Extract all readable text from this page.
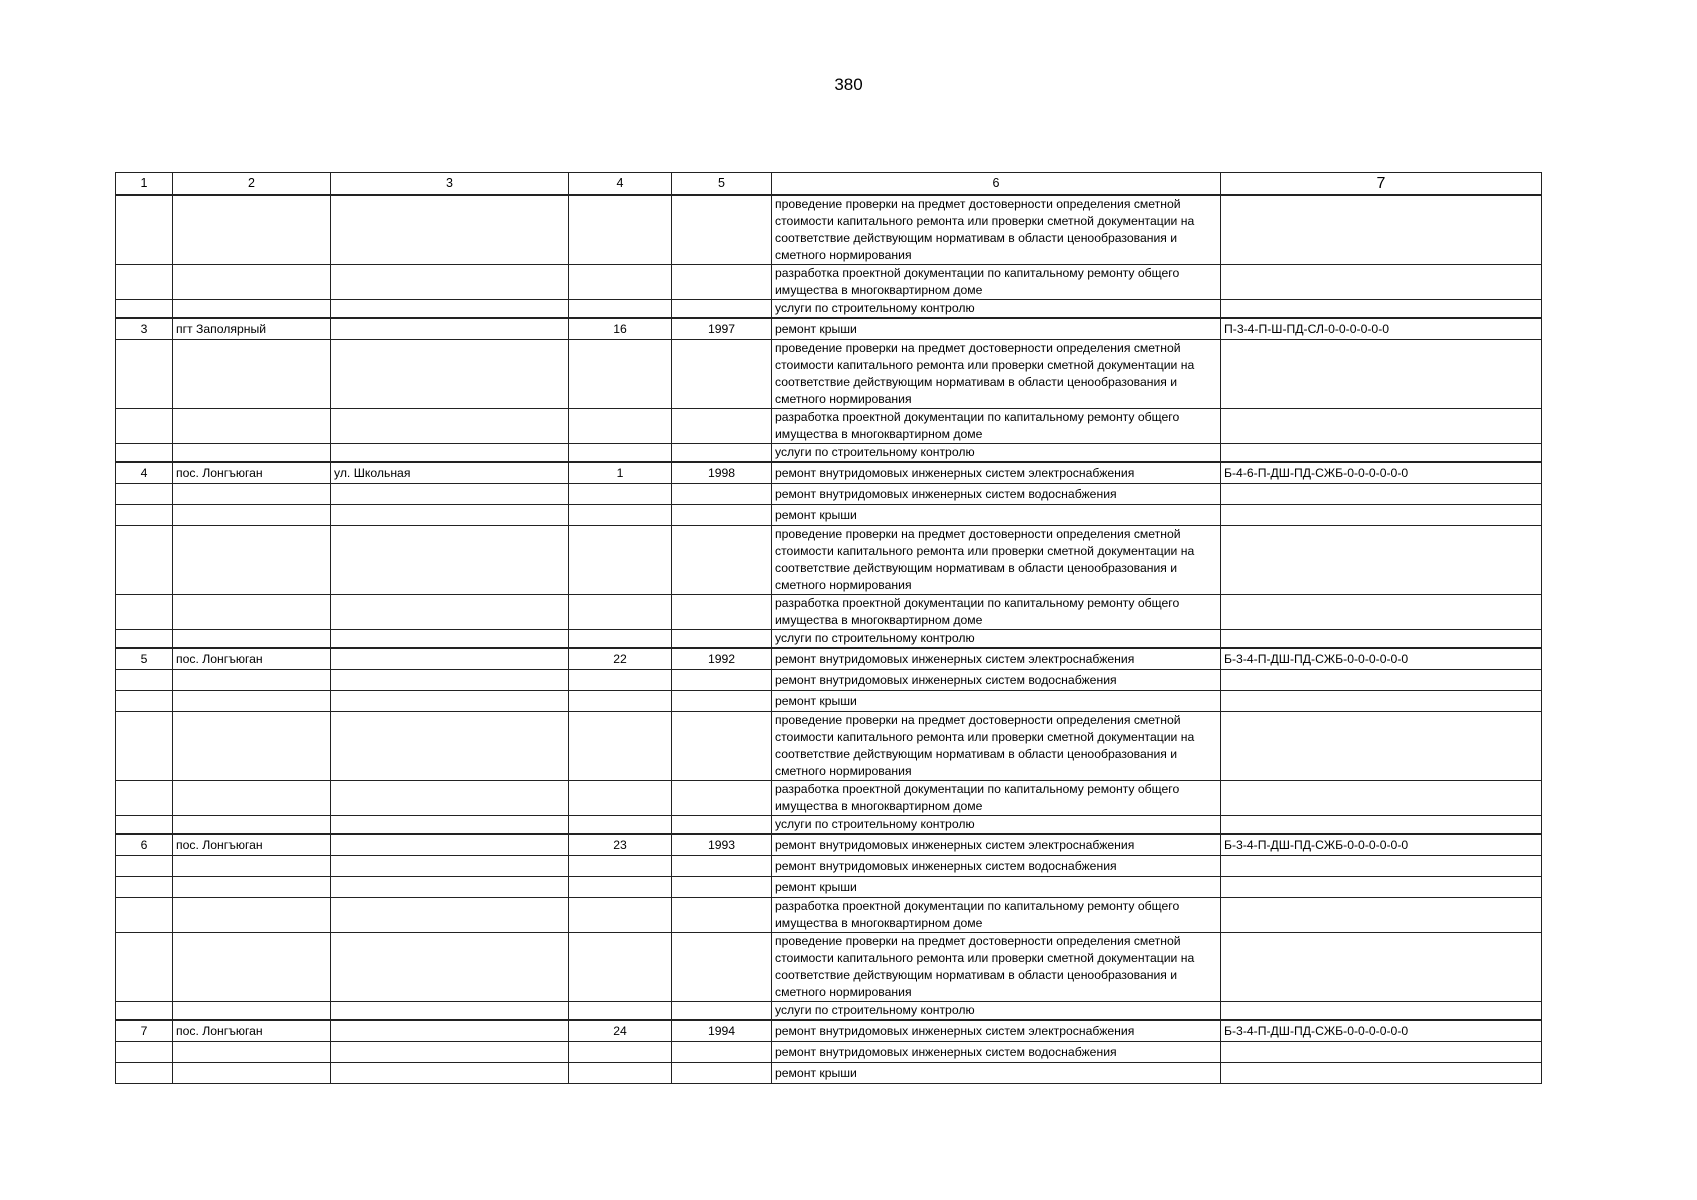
380
1	2	3	4	5	6	7
					проведение проверки на предмет достоверности определения сметной стоимости капитального ремонта или проверки сметной документации на соответствие действующим нормативам в области ценообразования и сметного нормирования	
					разработка проектной документации по капитальному ремонту общего имущества в многоквартирном доме	
					услуги по строительному контролю	
3	пгт Заполярный		16	1997	ремонт крыши	П-3-4-П-Ш-ПД-СЛ-0-0-0-0-0-0
					проведение проверки на предмет достоверности определения сметной стоимости капитального ремонта или проверки сметной документации на соответствие действующим нормативам в области ценообразования и сметного нормирования	
					разработка проектной документации по капитальному ремонту общего имущества в многоквартирном доме	
					услуги по строительному контролю	
4	пос. Лонгъюган	ул. Школьная	1	1998	ремонт внутридомовых инженерных систем электроснабжения	Б-4-6-П-ДШ-ПД-СЖБ-0-0-0-0-0-0
					ремонт внутридомовых инженерных систем водоснабжения	
					ремонт крыши	
					проведение проверки на предмет достоверности определения сметной стоимости капитального ремонта или проверки сметной документации на соответствие действующим нормативам в области ценообразования и сметного нормирования	
					разработка проектной документации по капитальному ремонту общего имущества в многоквартирном доме	
					услуги по строительному контролю	
5	пос. Лонгъюган		22	1992	ремонт внутридомовых инженерных систем электроснабжения	Б-3-4-П-ДШ-ПД-СЖБ-0-0-0-0-0-0
					ремонт внутридомовых инженерных систем водоснабжения	
					ремонт крыши	
					проведение проверки на предмет достоверности определения сметной стоимости капитального ремонта или проверки сметной документации на соответствие действующим нормативам в области ценообразования и сметного нормирования	
					разработка проектной документации по капитальному ремонту общего имущества в многоквартирном доме	
					услуги по строительному контролю	
6	пос. Лонгъюган		23	1993	ремонт внутридомовых инженерных систем электроснабжения	Б-3-4-П-ДШ-ПД-СЖБ-0-0-0-0-0-0
					ремонт внутридомовых инженерных систем водоснабжения	
					ремонт крыши	
					разработка проектной документации по капитальному ремонту общего имущества в многоквартирном доме	
					проведение проверки на предмет достоверности определения сметной стоимости капитального ремонта или проверки сметной документации на соответствие действующим нормативам в области ценообразования и сметного нормирования	
					услуги по строительному контролю	
7	пос. Лонгъюган		24	1994	ремонт внутридомовых инженерных систем электроснабжения	Б-3-4-П-ДШ-ПД-СЖБ-0-0-0-0-0-0
					ремонт внутридомовых инженерных систем водоснабжения	
					ремонт крыши	
